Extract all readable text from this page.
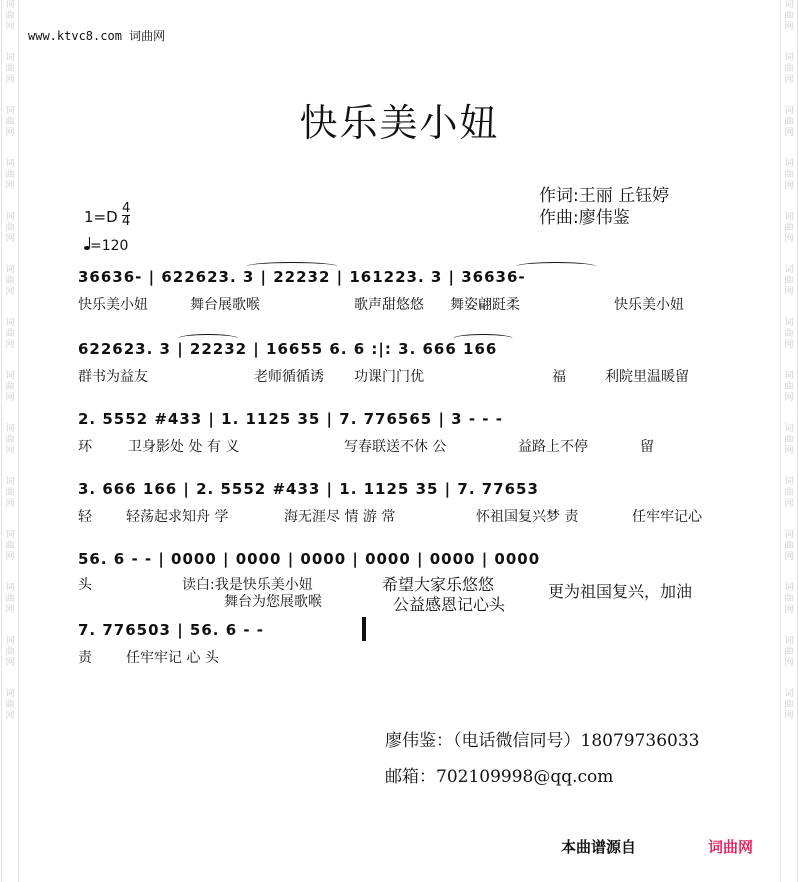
词
曲
网
词
曲
网
词
曲
网
词
曲
网
词
曲
网
词
曲
网
词
曲
网
词
曲
网
词
曲
网
词
曲
网
词
曲
网
词
曲
网
词
曲
网
词
曲
网
词
曲
网
词
曲
网
词
曲
网
词
曲
网
词
曲
网
词
曲
网
词
曲
网
词
曲
网
词
曲
网
词
曲
网
词
曲
网
词
曲
网
词
曲
网
词
曲
网
www.ktvc8.com 词曲网
快乐美小妞
作词:王丽 丘钰婷
作曲:廖伟鉴
1=D 4
4
=120
36636- | 622623. 3 | 22232 | 161223. 3 | 36636-
快乐美小妞	舞台展歌喉	歌声甜悠悠 舞姿翩跹柔	快乐美小妞
622623. 3 | 22232 | 16655 6. 6 :|: 3. 666 166
群书为益友	老师循循诱 功课门门优	福	利院里温暖留
2. 5552 #433 | 1. 1125 35 | 7. 776565 | 3 - - -
环	卫身影处 处 有 义	写春联送不休 公	益路上不停	留
3. 666 166 | 2. 5552 #433 | 1. 1125 35 | 7. 77653
轻 轻荡起求知舟 学	海无涯尽 情 游 常	怀祖国复兴梦 责	任牢牢记心
56. 6 - - | 0000 | 0000 | 0000 | 0000 | 0000 | 0000
头	读白:我是快乐美小妞
舞台为您展歌喉
希望大家乐悠悠
公益感恩记心头
更为祖国复兴，加油
7. 776503 | 56. 6 - -
责 任牢牢记 心 头
廖伟鉴：（电话微信同号）18079736033
邮箱：702109998@qq.com
本曲谱源自	词曲网
